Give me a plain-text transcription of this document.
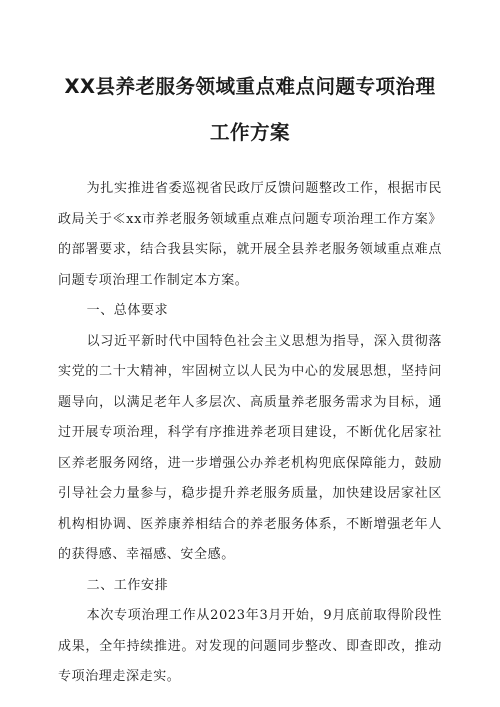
XX县养老服务领域重点难点问题专项治理
工作方案

为扎实推进省委巡视省民政厅反馈问题整改工作，根据市民政局关于≪xx市养老服务领域重点难点问题专项治理工作方案》的部署要求，结合我县实际，就开展全县养老服务领域重点难点问题专项治理工作制定本方案。

一、总体要求

以习近平新时代中国特色社会主义思想为指导，深入贯彻落实党的二十大精神，牢固树立以人民为中心的发展思想，坚持问题导向，以满足老年人多层次、高质量养老服务需求为目标，通过开展专项治理，科学有序推进养老项目建设，不断优化居家社区养老服务网络，进一步增强公办养老机构兜底保障能力，鼓励引导社会力量参与，稳步提升养老服务质量，加快建设居家社区机构相协调、医养康养相结合的养老服务体系，不断增强老年人的获得感、幸福感、安全感。

二、工作安排

本次专项治理工作从2023年3月开始，9月底前取得阶段性成果，全年持续推进。对发现的问题同步整改、即查即改，推动专项治理走深走实。
